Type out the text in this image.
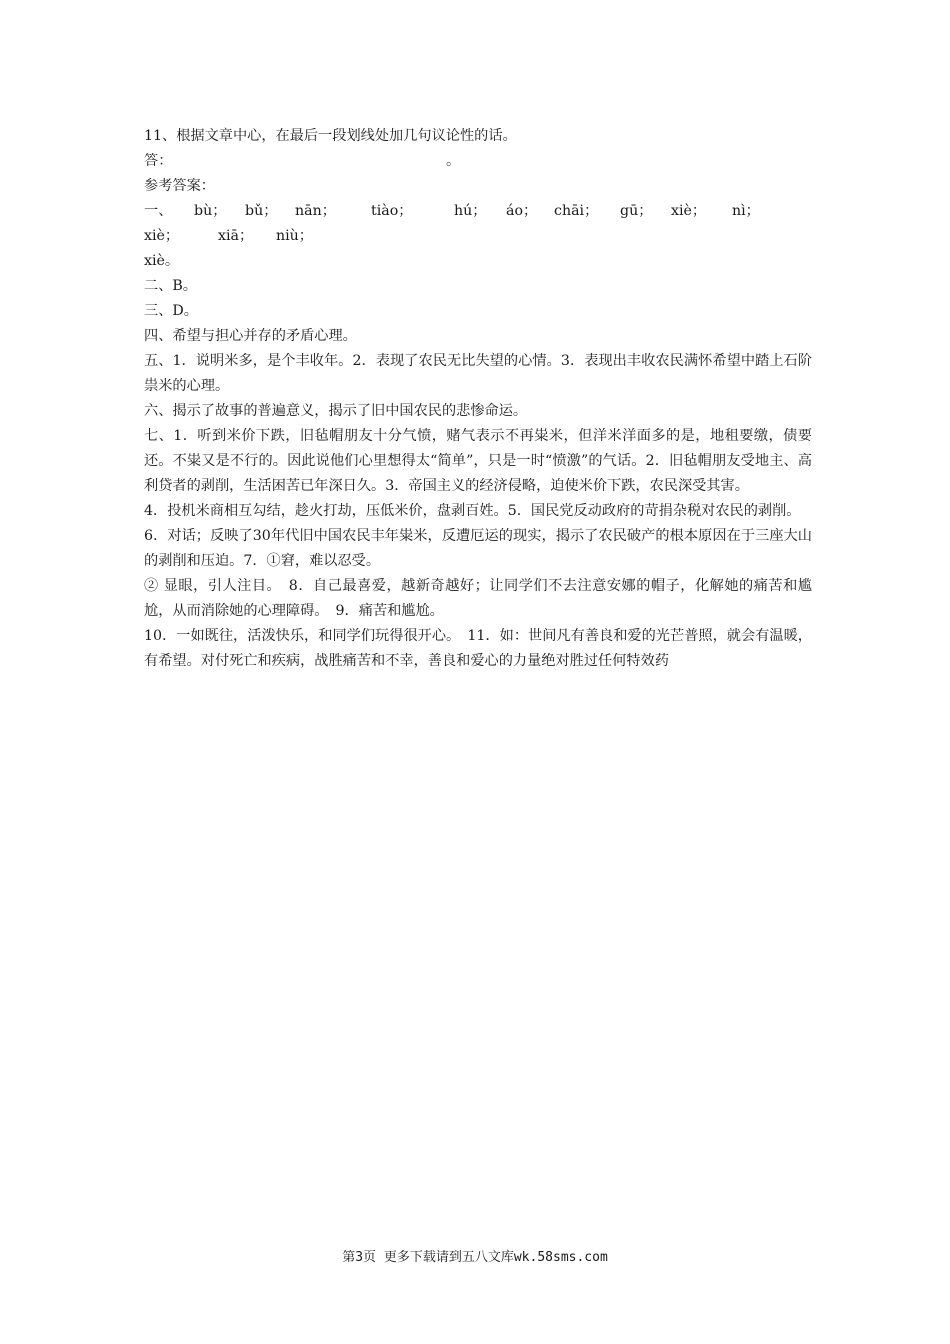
11、根据文章中心，在最后一段划线处加几句议论性的话。
答：	。
参考答案：
一、 bù； bǔ； nān； tiào；	hú； áo； chāi； gū； xiè； nì；
xiè；	xiā； niù；
xiè。
二、B。
三、D。
四、希望与担心并存的矛盾心理。
五、1．说明米多，是个丰收年。2．表现了农民无比失望的心情。3．表现出丰收农民满怀希望中踏上石阶祟米的心理。
六、揭示了故事的普遍意义，揭示了旧中国农民的悲惨命运。
七、1．听到米价下跌，旧毡帽朋友十分气愤，赌气表示不再粜米，但洋米洋面多的是，地租要缴，债要还。不粜又是不行的。因此说他们心里想得太“简单”，只是一时“愤激”的气话。2．旧毡帽朋友受地主、高利贷者的剥削，生活困苦已年深日久。3．帝国主义的经济侵略，迫使米价下跌，农民深受其害。
4．投机米商相互勾结，趁火打劫，压低米价，盘剥百姓。5．国民党反动政府的苛捐杂税对农民的剥削。
6．对话；反映了30年代旧中国农民丰年粜米，反遭厄运的现实，揭示了农民破产的根本原因在于三座大山的剥削和压迫。7．①窘，难以忍受。
② 显眼，引人注目。　8．自己最喜爱，越新奇越好；让同学们不去注意安娜的帽子，化解她的痛苦和尴尬，从而消除她的心理障碍。　9．痛苦和尴尬。
10．一如既往，活泼快乐，和同学们玩得很开心。　11．如：世间凡有善良和爱的光芒普照，就会有温暖，有希望。对付死亡和疾病，战胜痛苦和不幸，善良和爱心的力量绝对胜过任何特效药
第3页 更多下载请到五八文库wk.58sms.com
